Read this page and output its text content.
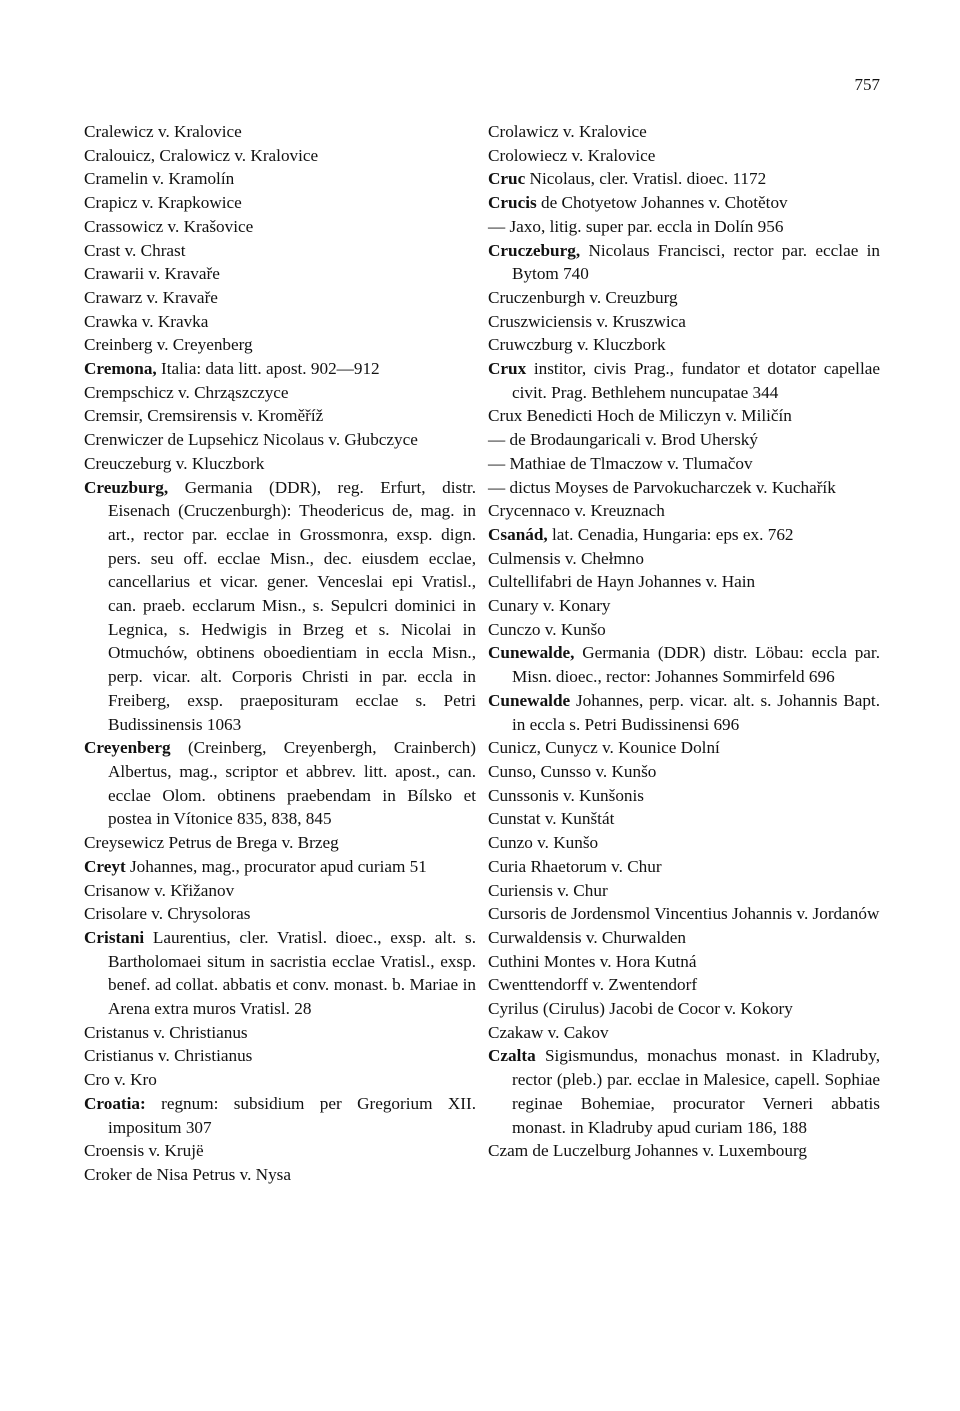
757
Cralewicz v. Kralovice
Cralouicz, Cralowicz v. Kralovice
Cramelin v. Kramolín
Crapicz v. Krapkowice
Crassowicz v. Krašovice
Crast v. Chrast
Crawarii v. Kravaře
Crawarz v. Kravaře
Crawka v. Kravka
Creinberg v. Creyenberg
Cremona, Italia: data litt. apost. 902—912
Crempschicz v. Chrząszczyce
Cremsir, Cremsirensis v. Kroměříž
Crenwiczer de Lupsehicz Nicolaus v. Głubczyce
Creuczeburg v. Kluczbork
Creuzburg, Germania (DDR), reg. Erfurt, distr. Eisenach (Cruczenburgh): Theodericus de, mag. in art., rector par. ecclae in Grossmonra, exsp. dign. pers. seu off. ecclae Misn., dec. eiusdem ecclae, cancellarius et vicar. gener. Venceslai epi Vratisl., can. praeb. ecclarum Misn., s. Sepulcri dominici in Legnica, s. Hedwigis in Brzeg et s. Nicolai in Otmuchów, obtinens oboedientiam in eccla Misn., perp. vicar. alt. Corporis Christi in par. eccla in Freiberg, exsp. praeposituram ecclae s. Petri Budissinensis 1063
Creyenberg (Creinberg, Creyenbergh, Crainberch) Albertus, mag., scriptor et abbrev. litt. apost., can. ecclae Olom. obtinens praebendam in Bílsko et postea in Vítonice 835, 838, 845
Creysewicz Petrus de Brega v. Brzeg
Creyt Johannes, mag., procurator apud curiam 51
Crisanow v. Křižanov
Crisolare v. Chrysoloras
Cristani Laurentius, cler. Vratisl. dioec., exsp. alt. s. Bartholomaei situm in sacristia ecclae Vratisl., exsp. benef. ad collat. abbatis et conv. monast. b. Mariae in Arena extra muros Vratisl. 28
Cristanus v. Christianus
Cristianus v. Christianus
Cro v. Kro
Croatia: regnum: subsidium per Gregorium XII. impositum 307
Croensis v. Krujë
Croker de Nisa Petrus v. Nysa
Crolawicz v. Kralovice
Crolowiecz v. Kralovice
Cruc Nicolaus, cler. Vratisl. dioec. 1172
Crucis de Chotyetow Johannes v. Chotětov
— Jaxo, litig. super par. eccla in Dolín 956
Cruczeburg, Nicolaus Francisci, rector par. ecclae in Bytom 740
Cruczenburgh v. Creuzburg
Cruszwiciensis v. Kruszwica
Cruwczburg v. Kluczbork
Crux institor, civis Prag., fundator et dotator capellae civit. Prag. Bethlehem nuncupatae 344
Crux Benedicti Hoch de Miliczyn v. Miličín
— de Brodaungaricali v. Brod Uherský
— Mathiae de Tlmaczow v. Tlumačov
— dictus Moyses de Parvokucharczek v. Kuchařík
Crycennaco v. Kreuznach
Csanád, lat. Cenadia, Hungaria: eps ex. 762
Culmensis v. Chełmno
Cultellifabri de Hayn Johannes v. Hain
Cunary v. Konary
Cunczo v. Kunšo
Cunewalde, Germania (DDR) distr. Löbau: eccla par. Misn. dioec., rector: Johannes Sommirfeld 696
Cunewalde Johannes, perp. vicar. alt. s. Johannis Bapt. in eccla s. Petri Budissinensi 696
Cunicz, Cunycz v. Kounice Dolní
Cunso, Cunsso v. Kunšo
Cunssonis v. Kunšonis
Cunstat v. Kunštát
Cunzo v. Kunšo
Curia Rhaetorum v. Chur
Curiensis v. Chur
Cursoris de Jordensmol Vincentius Johannis v. Jordanów
Curwaldensis v. Churwalden
Cuthini Montes v. Hora Kutná
Cwenttendorff v. Zwentendorf
Cyrilus (Cirulus) Jacobi de Cocor v. Kokory
Czakaw v. Cakov
Czalta Sigismundus, monachus monast. in Kladruby, rector (pleb.) par. ecclae in Malesice, capell. Sophiae reginae Bohemiae, procurator Verneri abbatis monast. in Kladruby apud curiam 186, 188
Czam de Luczelburg Johannes v. Luxembourg
